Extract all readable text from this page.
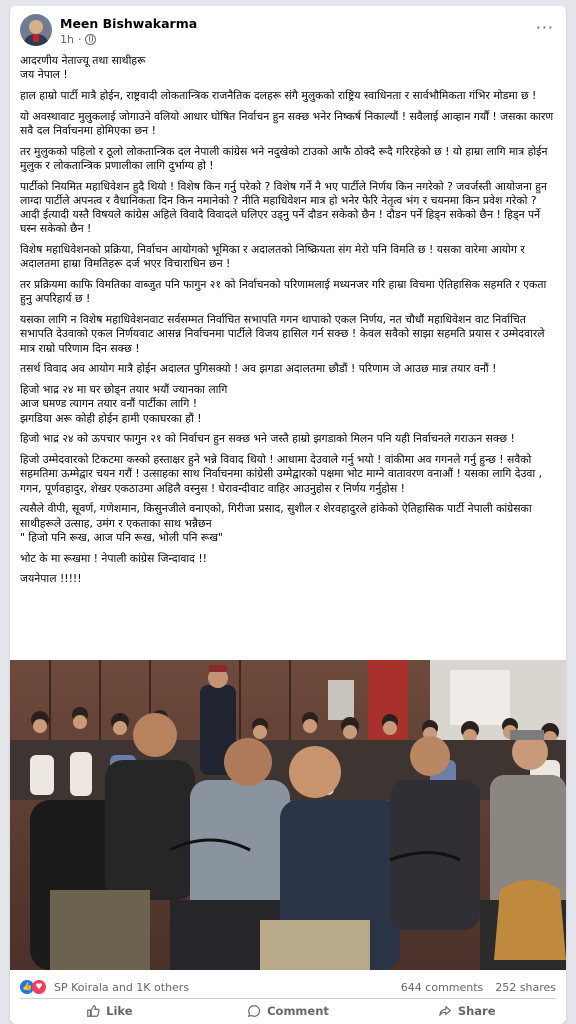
Meen Bishwakarma
1h ·
···

आदरणीय नेताज्यू तथा साथीहरू
जय नेपाल !

हाल हाम्रो पार्टी मात्रै होईन, राष्ट्रवादी लोकतान्त्रिक राजनैतिक दलहरू संगै मुलुकको राष्ट्रिय स्वाधिनता र सार्वभौमिकता गंभिर मोडमा छ !

यो अवस्थावाट मुलुकलाई जोगाउने वलियो आधार घोषित निर्वाचन हुन सक्छ भनेर निष्कर्ष निकाल्यौं ! सवैलाई आव्हान गर्यौं ! जसका कारण सवै दल निर्वाचनमा होमिएका छन !

तर मुलुकको पहिलो र ठूलो लोकतान्त्रिक दल नेपाली कांग्रेस भने नदुखेको टाउको आफै ठोक्दै रूदै गरिरहेको छ ! यो हाम्रा लागि मात्र होईन मुलुक र लोकतान्त्रिक प्रणालीका लागि दुर्भाग्य हो !

पार्टीको नियमित महाधिवेशन हुदै थियो ! विशेष किन गर्नु परेको ? विशेष गर्ने नै भए पार्टीले निर्णय किन नगरेको ? जवर्जस्ती आयोजना हुन लाग्दा पार्टीले अपनत्व र वैधानिकता दिन किन नमानेको ? नीति महाधिवेशन मात्र हो भनेर फेरि नेतृत्व भंग र चयनमा किन प्रवेश गरेको ? आदी ईत्यादी यस्तै विषयले कांग्रेस अहिले विवादै विवादले घलिएर उड्नु पर्ने दौडन सकेको छैन ! दौडन पर्ने हिड्न सकेको छैन ! हिड्न पर्ने घस्न सकेको छैन !

विशेष महाधिवेशनको प्रक्रिया, निर्वाचन आयोगको भूमिका र अदालतको निष्क्रियता संग मेरो पनि विमति छ ! यसका वारेमा आयोग र अदालतमा हाम्रा विमतिहरू दर्ज भएर विचाराधिन छन !

तर प्रक्रियमा काफि विमतिका वाब्जुत पनि फागुन २१ को निर्वाचनको परिणामलाई मध्यनजर गरि हाम्रा विचमा ऐतिहासिक सहमति र एकता हुनु अपरिहार्य छ !

यसका लागि न विशेष महाधिवेशनवाट सर्वसम्मत निर्वाचित सभापति गगन थापाको एकल निर्णय, नत चौधौं महाधिवेशन वाट निर्वाचित सभापति देउवाको एकल निर्णयवाट आसन्न निर्वाचनमा पार्टीले विजय हासिल गर्न सक्छ ! केवल सवैको साझा सहमति प्रयास र उम्मेदवारले मात्र राम्रो परिणाम दिन सक्छ !

तसर्थ विवाद अव आयोग मात्रै होईन अदालत पुगिसक्यो ! अव झगडा अदालतमा छौडौं ! परिणाम जे आउछ मान्न तयार वनौं !

हिजो भाद्र २४ मा घर छोड्न तयार भयौं ज्यानका लागि
आज घमण्ड त्यागन तयार वनौं पार्टीका लागि !
झगडिया अरू कोही होईन हामी एकाघरका हौं !

हिजो भाद्र २४ को ऊपचार फागुन २१ को निर्वाचन हुन सक्छ भने जस्तै हाम्रो झगडाको मिलन पनि यही निर्वाचनले गराऊन सक्छ !

हिजो उम्मेदवारको टिकटमा कस्को हस्ताक्षर हुने भन्ने विवाद थियो ! आधामा देउवाले गर्नु भयो ! वांकीमा अव गगनले गर्नु हुन्छ ! सवैको सहमतिमा ऊम्मेद्वार चयन गरौं ! उत्साहका साथ निर्वाचनमा कांग्रेसी उम्मेद्वारको पक्षमा भोट माग्ने वातावरण वनाऔं ! यसका लागि देउवा , गगन, पूर्णवहादुर, शेखर एकठाउमा अहिलै वस्नुस ! घेरावन्दीवाट वाहिर आउनुहोस र निर्णय गर्नुहोस !

त्यसैले वीपी, सूवर्ण, गणेशमान, किसुनजीले वनाएको, गिरीजा प्रसाद, सुशील र शेरवहादुरले हांकेको ऐतिहासिक पार्टी नेपाली कांग्रेसका साथीहरूले उत्साह, उमंग र एकताका साथ भन्नैछन
" हिजो पनि रूख, आज पनि रूख, भोली पनि रूख"

भोट के मा रूखमा ! नेपाली कांग्रेस जिन्दावाद !!

जयनेपाल !!!!!

👍 ♥	SP Koirala and 1K others	644 comments 252 shares
Like	Comment	Share
